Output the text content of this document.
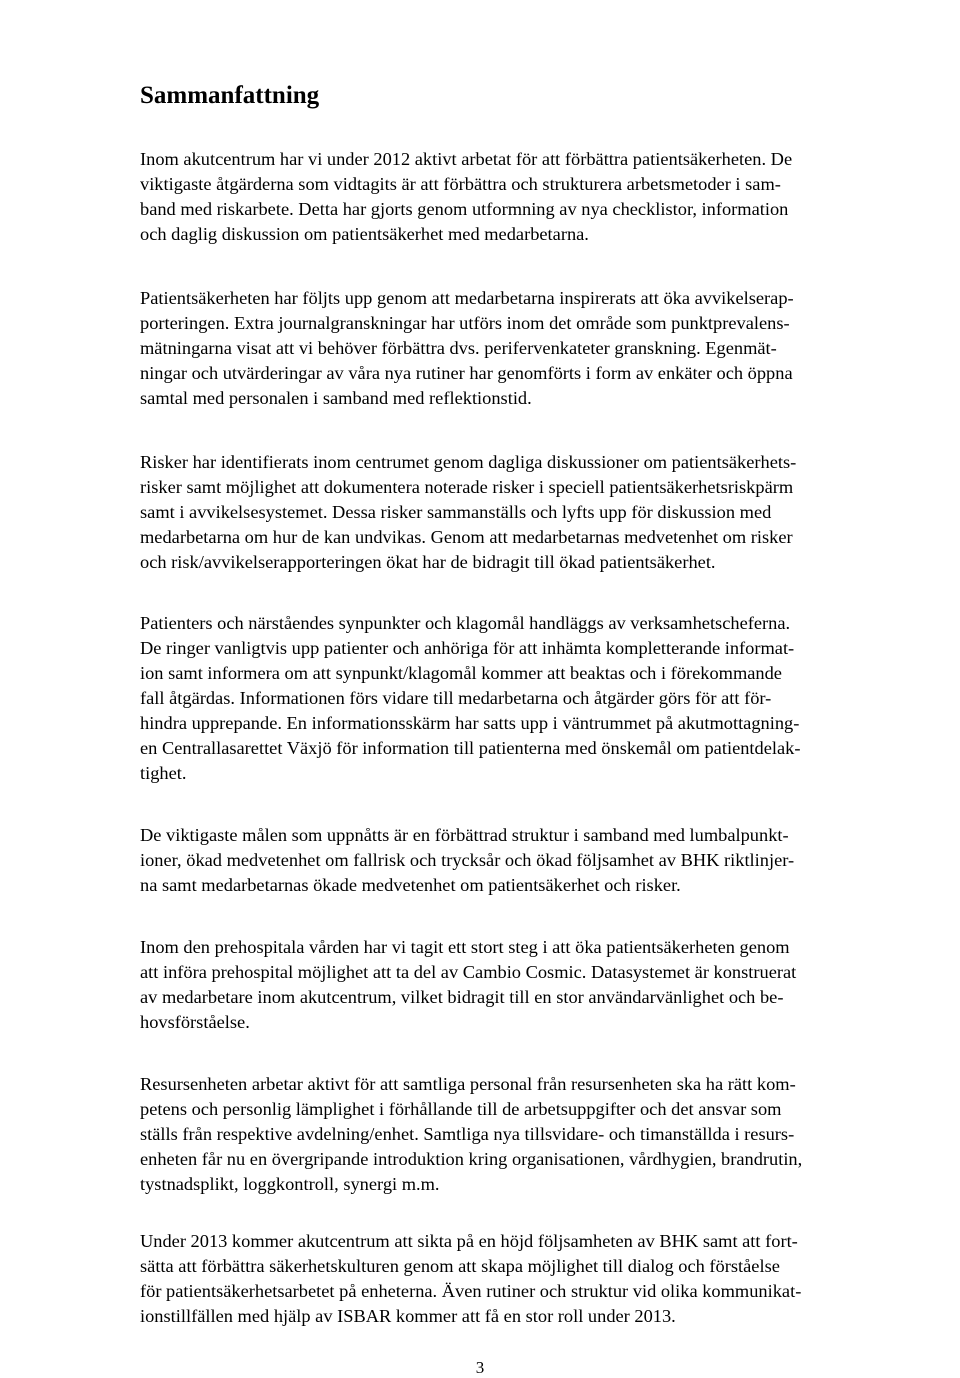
Sammanfattning

Inom akutcentrum har vi under 2012 aktivt arbetat för att förbättra patientsäkerheten. De
viktigaste åtgärderna som vidtagits är att förbättra och strukturera arbetsmetoder i sam-
band med riskarbete. Detta har gjorts genom utformning av nya checklistor, information
och daglig diskussion om patientsäkerhet med medarbetarna.

Patientsäkerheten har följts upp genom att medarbetarna inspirerats att öka avvikelserap-
porteringen. Extra journalgranskningar har utförs inom det område som punktprevalens-
mätningarna visat att vi behöver förbättra dvs. perifervenkateter granskning. Egenmät-
ningar och utvärderingar av våra nya rutiner har genomförts i form av enkäter och öppna
samtal med personalen i samband med reflektionstid.

Risker har identifierats inom centrumet genom dagliga diskussioner om patientsäkerhets-
risker samt möjlighet att dokumentera noterade risker i speciell patientsäkerhetsriskpärm
samt i avvikelsesystemet. Dessa risker sammanställs och lyfts upp för diskussion med
medarbetarna om hur de kan undvikas. Genom att medarbetarnas medvetenhet om risker
och risk/avvikelserapporteringen ökat har de bidragit till ökad patientsäkerhet.

Patienters och närståendes synpunkter och klagomål handläggs av verksamhetscheferna.
De ringer vanligtvis upp patienter och anhöriga för att inhämta kompletterande informat-
ion samt informera om att synpunkt/klagomål kommer att beaktas och i förekommande
fall åtgärdas. Informationen förs vidare till medarbetarna och åtgärder görs för att för-
hindra upprepande. En informationsskärm har satts upp i väntrummet på akutmottagning-
en Centrallasarettet Växjö för information till patienterna med önskemål om patientdelak-
tighet.

De viktigaste målen som uppnåtts är en förbättrad struktur i samband med lumbalpunkt-
ioner, ökad medvetenhet om fallrisk och trycksår och ökad följsamhet av BHK riktlinjer-
na samt medarbetarnas ökade medvetenhet om patientsäkerhet och risker.

Inom den prehospitala vården har vi tagit ett stort steg i att öka patientsäkerheten genom
att införa prehospital möjlighet att ta del av Cambio Cosmic. Datasystemet är konstruerat
av medarbetare inom akutcentrum, vilket bidragit till en stor användarvänlighet och be-
hovsförståelse.

Resursenheten arbetar aktivt för att samtliga personal från resursenheten ska ha rätt kom-
petens och personlig lämplighet i förhållande till de arbetsuppgifter och det ansvar som
ställs från respektive avdelning/enhet. Samtliga nya tillsvidare- och timanställda i resurs-
enheten får nu en övergripande introduktion kring organisationen, vårdhygien, brandrutin,
tystnadsplikt, loggkontroll, synergi m.m.

Under 2013 kommer akutcentrum att sikta på en höjd följsamheten av BHK samt att fort-
sätta att förbättra säkerhetskulturen genom att skapa möjlighet till dialog och förståelse
för patientsäkerhetsarbetet på enheterna. Även rutiner och struktur vid olika kommunikat-
ionstillfällen med hjälp av ISBAR kommer att få en stor roll under 2013.

3
